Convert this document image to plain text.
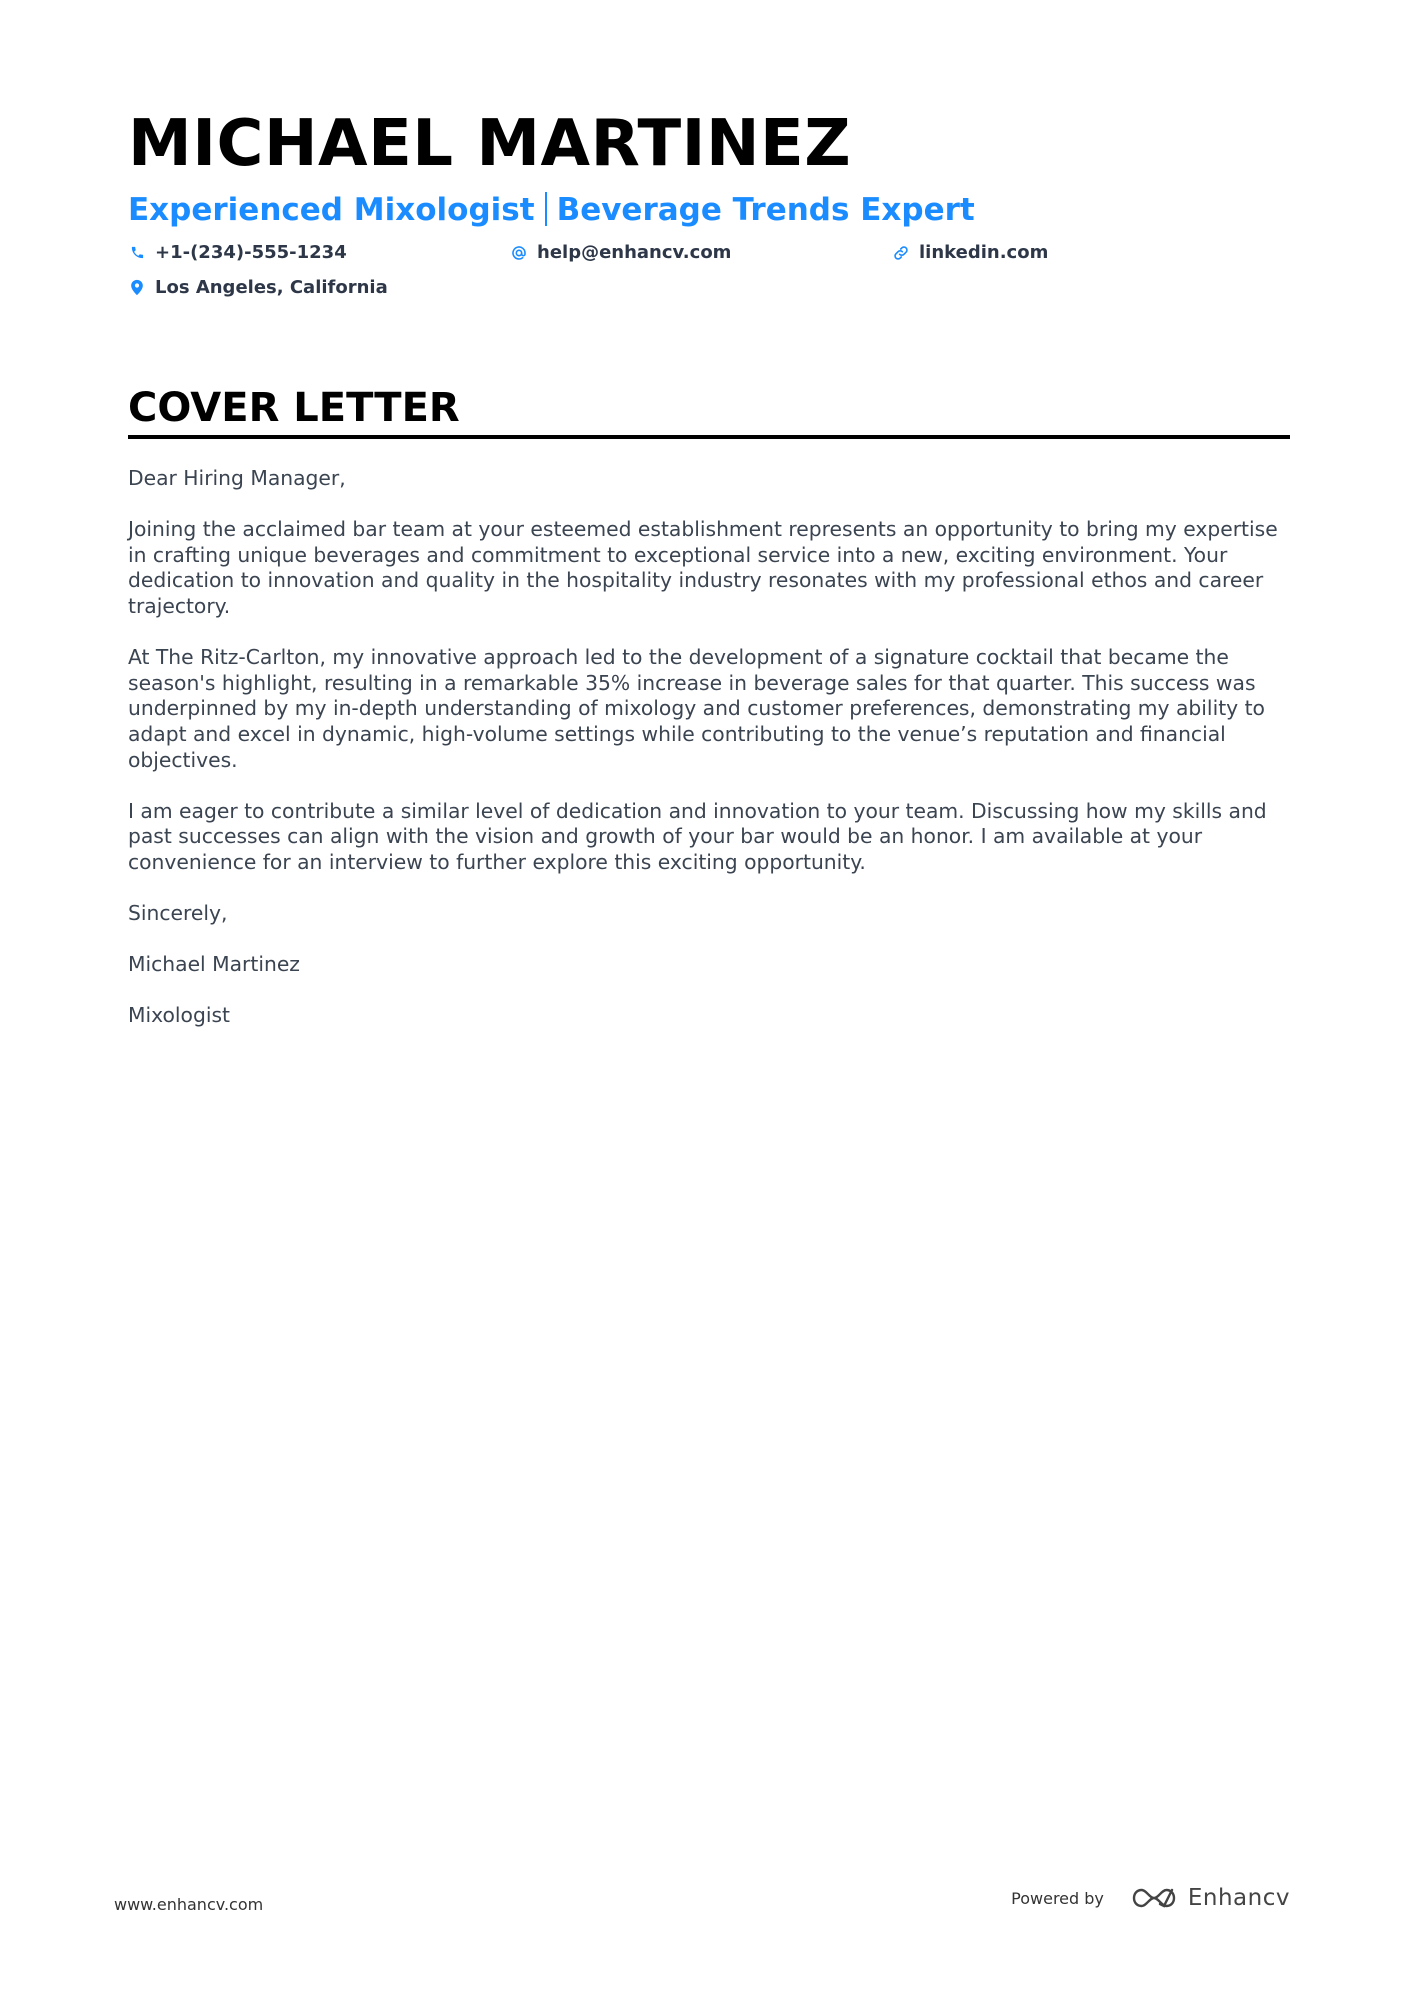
MICHAEL MARTINEZ
Experienced Mixologist Beverage Trends Expert
+1-(234)-555-1234	help@enhancv.com	linkedin.com
Los Angeles, California
COVER LETTER

Dear Hiring Manager,

Joining the acclaimed bar team at your esteemed establishment represents an opportunity to bring my expertise in crafting unique beverages and commitment to exceptional service into a new, exciting environment. Your dedication to innovation and quality in the hospitality industry resonates with my professional ethos and career trajectory.

At The Ritz-Carlton, my innovative approach led to the development of a signature cocktail that became the season's highlight, resulting in a remarkable 35% increase in beverage sales for that quarter. This success was underpinned by my in-depth understanding of mixology and customer preferences, demonstrating my ability to adapt and excel in dynamic, high-volume settings while contributing to the venue’s reputation and financial objectives.

I am eager to contribute a similar level of dedication and innovation to your team. Discussing how my skills and past successes can align with the vision and growth of your bar would be an honor. I am available at your convenience for an interview to further explore this exciting opportunity.

Sincerely,

Michael Martinez

Mixologist

www.enhancv.com	Powered by	Enhancv
